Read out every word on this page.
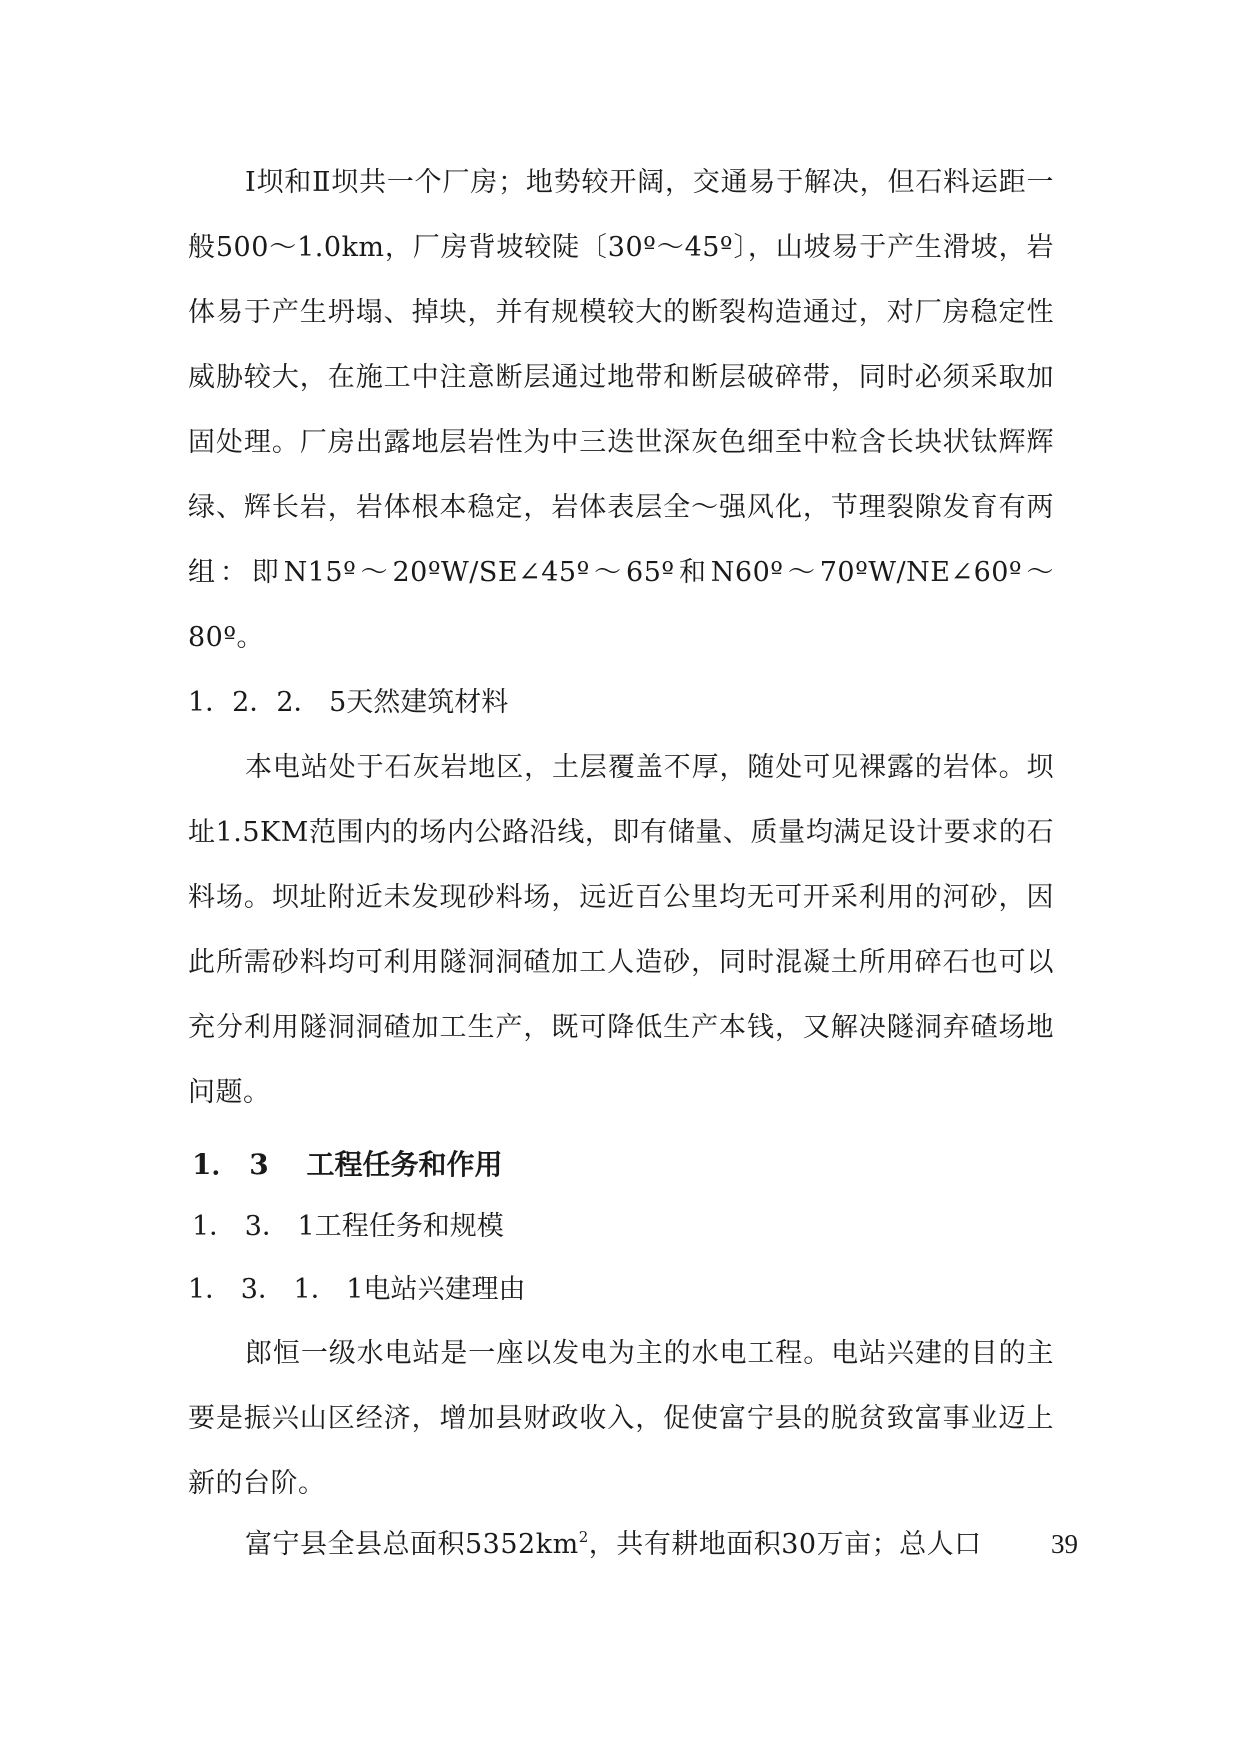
Ⅰ坝和Ⅱ坝共一个厂房；地势较开阔，交通易于解决，但石料运距一般500～1.0km，厂房背坡较陡〔30º～45º〕，山坡易于产生滑坡，岩体易于产生坍塌、掉块，并有规模较大的断裂构造通过，对厂房稳定性威胁较大，在施工中注意断层通过地带和断层破碎带，同时必须采取加固处理。厂房出露地层岩性为中三迭世深灰色细至中粒含长块状钛辉辉绿、辉长岩，岩体根本稳定，岩体表层全～强风化，节理裂隙发育有两组：即N15º～20ºW/SE∠45º～65º和N60º～70ºW/NE∠60º～80º。

1．2．2． 5天然建筑材料

本电站处于石灰岩地区，土层覆盖不厚，随处可见裸露的岩体。坝址1.5KM范围内的场内公路沿线，即有储量、质量均满足设计要求的石料场。坝址附近未发现砂料场，远近百公里均无可开采利用的河砂，因此所需砂料均可利用隧洞洞碴加工人造砂，同时混凝土所用碎石也可以充分利用隧洞洞碴加工生产，既可降低生产本钱，又解决隧洞弃碴场地问题。

1． 3　 工程任务和作用
1． 3． 1工程任务和规模
1． 3． 1． 1电站兴建理由

郎恒一级水电站是一座以发电为主的水电工程。电站兴建的目的主要是振兴山区经济，增加县财政收入，促使富宁县的脱贫致富事业迈上新的台阶。

富宁县全县总面积$5352km^2$，共有耕地面积30万亩；总人口	39
